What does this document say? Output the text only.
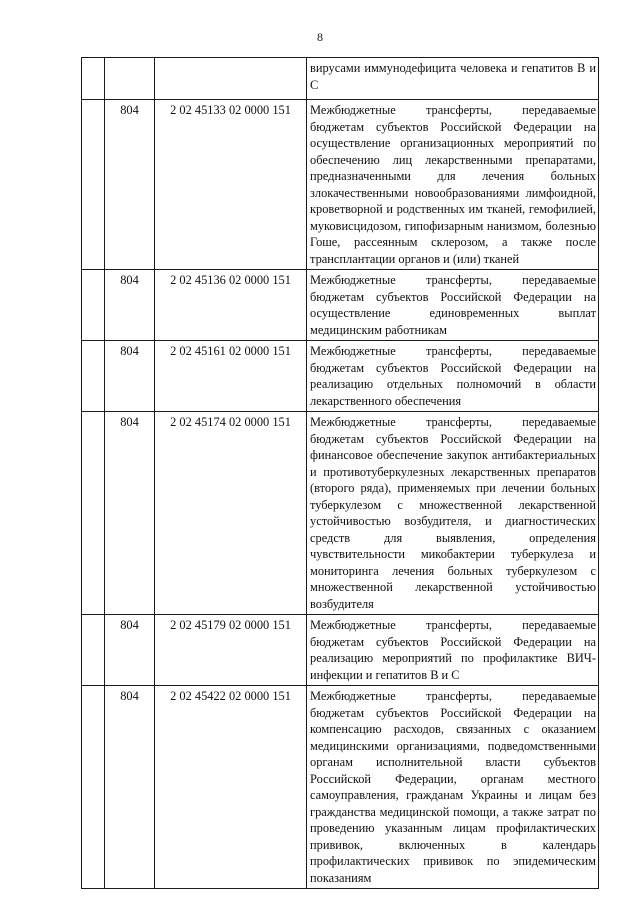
8

			вирусами иммунодефицита человека и гепатитов В и С

	804	2 02 45133 02 0000 151	Межбюджетные трансферты, передаваемые бюджетам субъектов Российской Федерации на осуществление организационных мероприятий по обеспечению лиц лекарственными препаратами, предназначенными для лечения больных злокачественными новообразованиями лимфоидной, кроветворной и родственных им тканей, гемофилией, муковисцидозом, гипофизарным нанизмом, болезнью Гоше, рассеянным склерозом, а также после трансплантации органов и (или) тканей

	804	2 02 45136 02 0000 151	Межбюджетные трансферты, передаваемые бюджетам субъектов Российской Федерации на осуществление единовременных выплат медицинским работникам

	804	2 02 45161 02 0000 151	Межбюджетные трансферты, передаваемые бюджетам субъектов Российской Федерации на реализацию отдельных полномочий в области лекарственного обеспечения

	804	2 02 45174 02 0000 151	Межбюджетные трансферты, передаваемые бюджетам субъектов Российской Федерации на финансовое обеспечение закупок антибактериальных и противотуберкулезных лекарственных препаратов (второго ряда), применяемых при лечении больных туберкулезом с множественной лекарственной устойчивостью возбудителя, и диагностических средств для выявления, определения чувствительности микобактерии туберкулеза и мониторинга лечения больных туберкулезом с множественной лекарственной устойчивостью возбудителя

	804	2 02 45179 02 0000 151	Межбюджетные трансферты, передаваемые бюджетам субъектов Российской Федерации на реализацию мероприятий по профилактике ВИЧ-инфекции и гепатитов В и С

	804	2 02 45422 02 0000 151	Межбюджетные трансферты, передаваемые бюджетам субъектов Российской Федерации на компенсацию расходов, связанных с оказанием медицинскими организациями, подведомственными органам исполнительной власти субъектов Российской Федерации, органам местного самоуправления, гражданам Украины и лицам без гражданства медицинской помощи, а также затрат по проведению указанным лицам профилактических прививок, включенных в календарь профилактических прививок по эпидемическим показаниям
